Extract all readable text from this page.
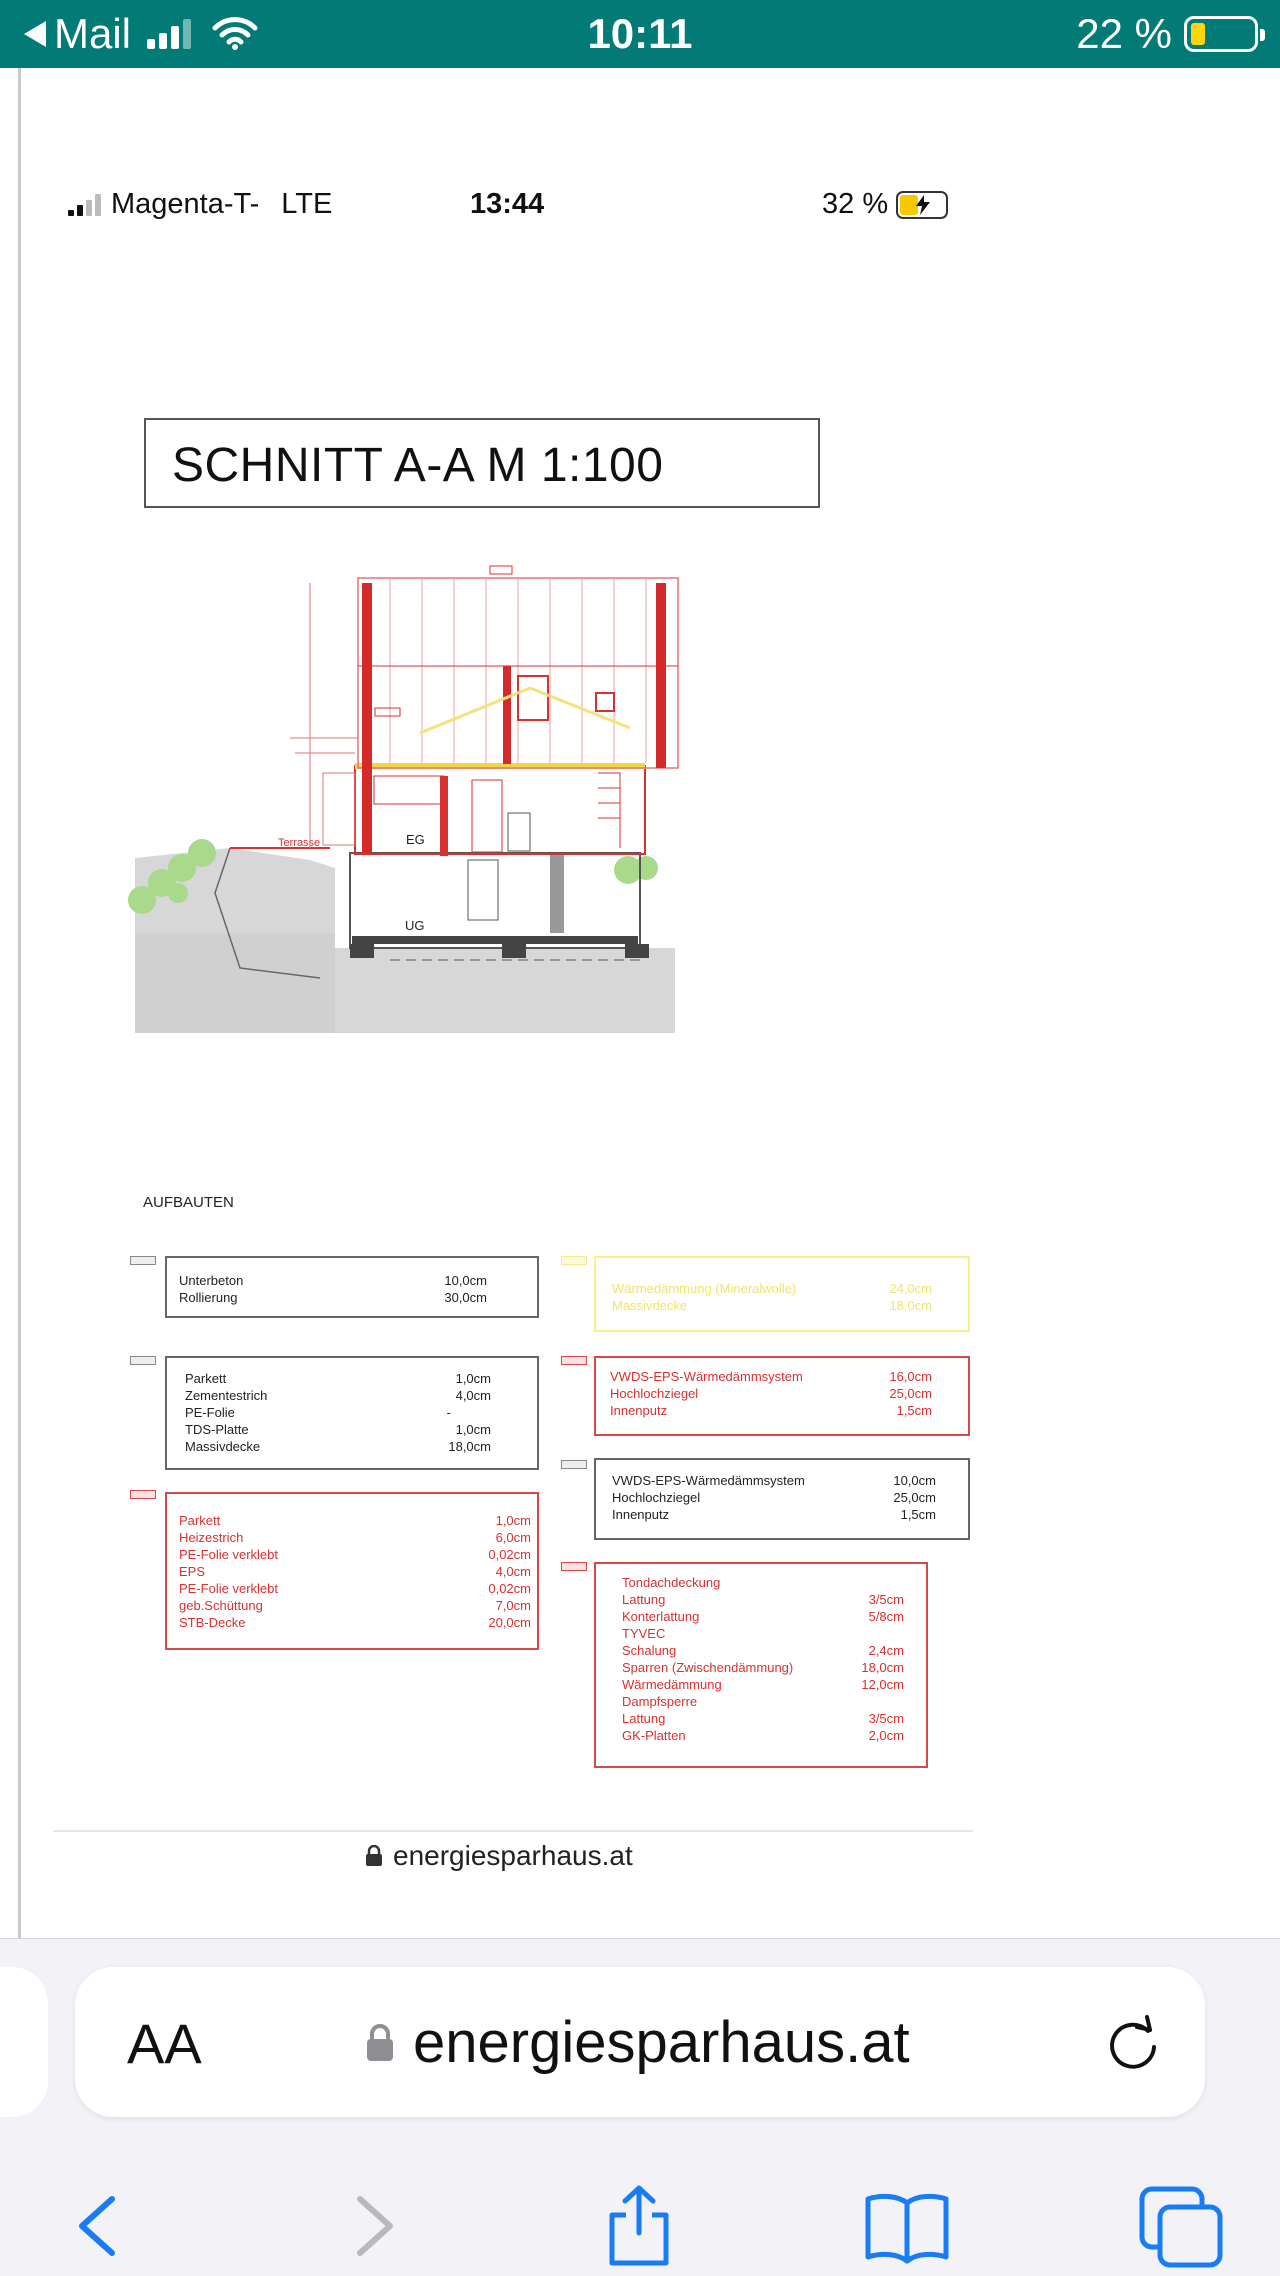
Mail	10:11	22 %
Magenta-T- LTE	13:44	32 %
SCHNITT A-A M 1:100
Terrasse
UG
EG
AUFBAUTEN
Unterbeton	10,0cm
Rollierung	30,0cm
Parkett	1,0cm
Zementestrich	4,0cm
PE-Folie	-
TDS-Platte	1,0cm
Massivdecke	18,0cm
Parkett	1,0cm
Heizestrich	6,0cm
PE-Folie verklebt	0,02cm
EPS	4,0cm
PE-Folie verklebt	0,02cm
geb.Schüttung	7,0cm
STB-Decke	20,0cm
Wärmedämmung (Mineralwolle)	24,0cm
Massivdecke	18,0cm
VWDS-EPS-Wärmedämmsystem	16,0cm
Hochlochziegel	25,0cm
Innenputz	1,5cm
VWDS-EPS-Wärmedämmsystem	10,0cm
Hochlochziegel	25,0cm
Innenputz	1,5cm
Tondachdeckung
Lattung	3/5cm
Konterlattung	5/8cm
TYVEC
Schalung	2,4cm
Sparren (Zwischendämmung)	18,0cm
Wärmedämmung	12,0cm
Dampfsperre
Lattung	3/5cm
GK-Platten	2,0cm
energiesparhaus.at
AA	energiesparhaus.at
